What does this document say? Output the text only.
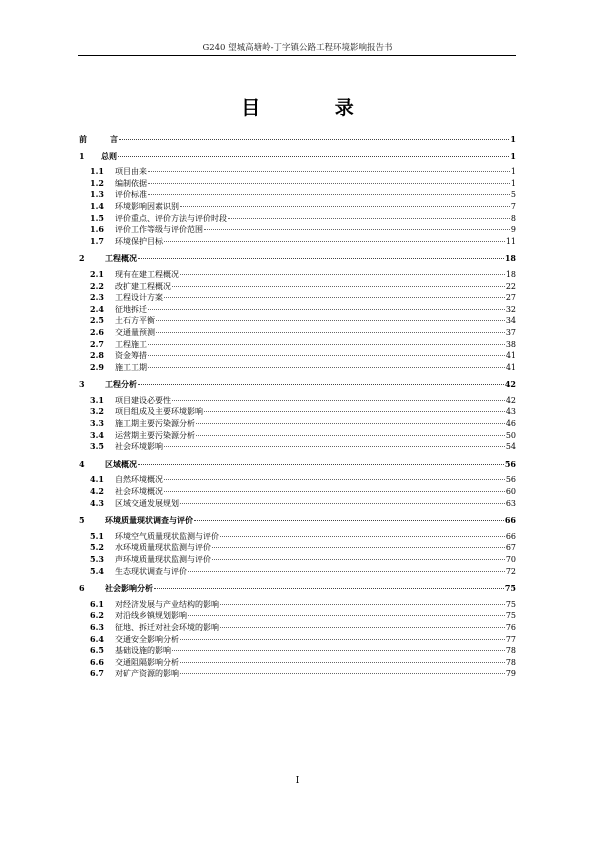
G240 望城高塘岭-丁字镇公路工程环境影响报告书
目 录
前	言	1
1	总则	1
1.1	项目由来	1
1.2	编制依据	1
1.3	评价标准	5
1.4	环境影响因素识别	7
1.5	评价重点、评价方法与评价时段	8
1.6	评价工作等级与评价范围	9
1.7	环境保护目标	11
2	工程概况	18
2.1	现有在建工程概况	18
2.2	改扩建工程概况	22
2.3	工程设计方案	27
2.4	征地拆迁	32
2.5	土石方平衡	34
2.6	交通量预测	37
2.7	工程施工	38
2.8	资金筹措	41
2.9	施工工期	41
3	工程分析	42
3.1	项目建设必要性	42
3.2	项目组成及主要环境影响	43
3.3	施工期主要污染源分析	46
3.4	运营期主要污染源分析	50
3.5	社会环境影响	54
4	区域概况	56
4.1	自然环境概况	56
4.2	社会环境概况	60
4.3	区域交通发展规划	63
5	环境质量现状调查与评价	66
5.1	环境空气质量现状监测与评价	66
5.2	水环境质量现状监测与评价	67
5.3	声环境质量现状监测与评价	70
5.4	生态现状调查与评价	72
6	社会影响分析	75
6.1	对经济发展与产业结构的影响	75
6.2	对沿线乡镇规划影响	75
6.3	征地、拆迁对社会环境的影响	76
6.4	交通安全影响分析	77
6.5	基础设施的影响	78
6.6	交通阻隔影响分析	78
6.7	对矿产资源的影响	79
I
